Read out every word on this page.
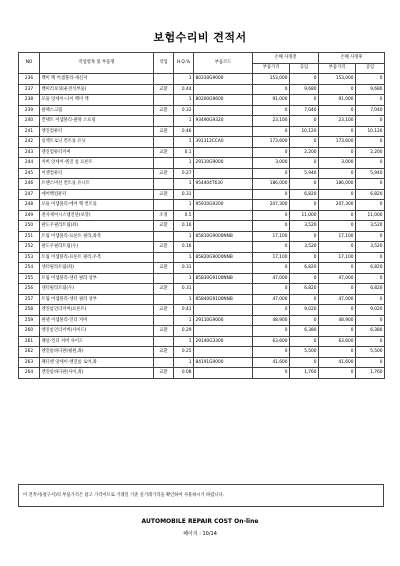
보험수리비 견적서
NO	작업항목 및 부품명	작업	H.Q.%	부품코드	손해 사정전		손해 사정후	
					부품가격	공임	부품가격	공임
236	백미 백 어셈블리-새신저		1	80310G9000	153,000	0	153,000	0
237	백미러보징(운전석부품)	교환	0.44		0	9,680	0	9,680
238	모듈 앗세이-니이 백미 액		1	80200G9600	91,000	0	91,000	0
239	클랙스크림	교환	0.32		0	7,040	0	7,040
240	컨택트 어셈블리-클락 스프링		1	93490G9320	23,100	0	23,100	0
241	엔진컴퓨터	교환	0.46		0	10,120	0	10,120
242	실렉트로닉 컨트롤 유닛		1	391312CCA0	173,600	0	173,600	0
243	엔진컴퓨터커버	교환	0.1		0	2,200	0	2,200
244	커버 앗세이-엔진 룸 프론트		1	29110G9000	3,000	0	3,000	0
245	이엔컴퓨터	교환	0.27		0	5,940	0	5,940
246	트랜스미션 컨트롤 유니트		1	954404T630	186,000	0	186,000	0
247	에어백컴퓨터	교환	0.31		0	6,820	0	6,820
248	모듈 어셈블리-에어 백 컨트롤		1	95910G9200	207,300	0	207,300	0
249	전자제어시스템진단(보강)	조정	0.5		0	11,000	0	11,000
250	판도우필라트림(좌)	교환	0.16		0	3,520	0	3,520
251	트림 어셈블리-프론트 필라,좌측		1	85810G9000NNB	17,100	0	17,100	0
252	판도우필라트림(우)	교환	0.16		0	3,520	0	3,520
253	트림 어셈블리-프론트 필라,우측		1	85820G9000NNB	17,100	0	17,100	0
254	센터필라트림(좌)	교환	0.31		0	6,820	0	6,820
255	트림 어셈블리-센터 필라 상부		1	85830G9100NNB	47,000	0	47,000	0
256	센터필라트림(우)	교환	0.31		0	6,820	0	6,820
257	트림 어셈블리-센터 필라 상부		1	85840G9100NNB	47,000	0	47,000	0
258	엔진룸언더커버(프론트)	교환	0.41		0	9,020	0	9,020
259	판넬 어셈블리-언더 커버		1	29110G9000	48,900	0	48,900	0
260	엔진룸언더커버(사이드)	교환	0.29		0	6,380	0	6,380
261	패널-언더 커버 사이드		1	29140G3300	63,600	0	63,600	0
262	엔진룸바디판(평편,좌)	교환	0.25		0	5,500	0	5,500
263	패디엔 앗세이-엔진룸 로어,좌		1	84191G9000	41,600	0	41,600	0
264	엔진룸바디판(사이,좌)	교환	0.08		0	1,760	0	1,760
이 견적서(청구서)의 부품가격은 참고 가격이므로 거래일 기준 실거래가격을 확인하여 사용하시기 바랍니다.
AUTOMOBILE REPAIR COST On-line
페이지 : 10/14
